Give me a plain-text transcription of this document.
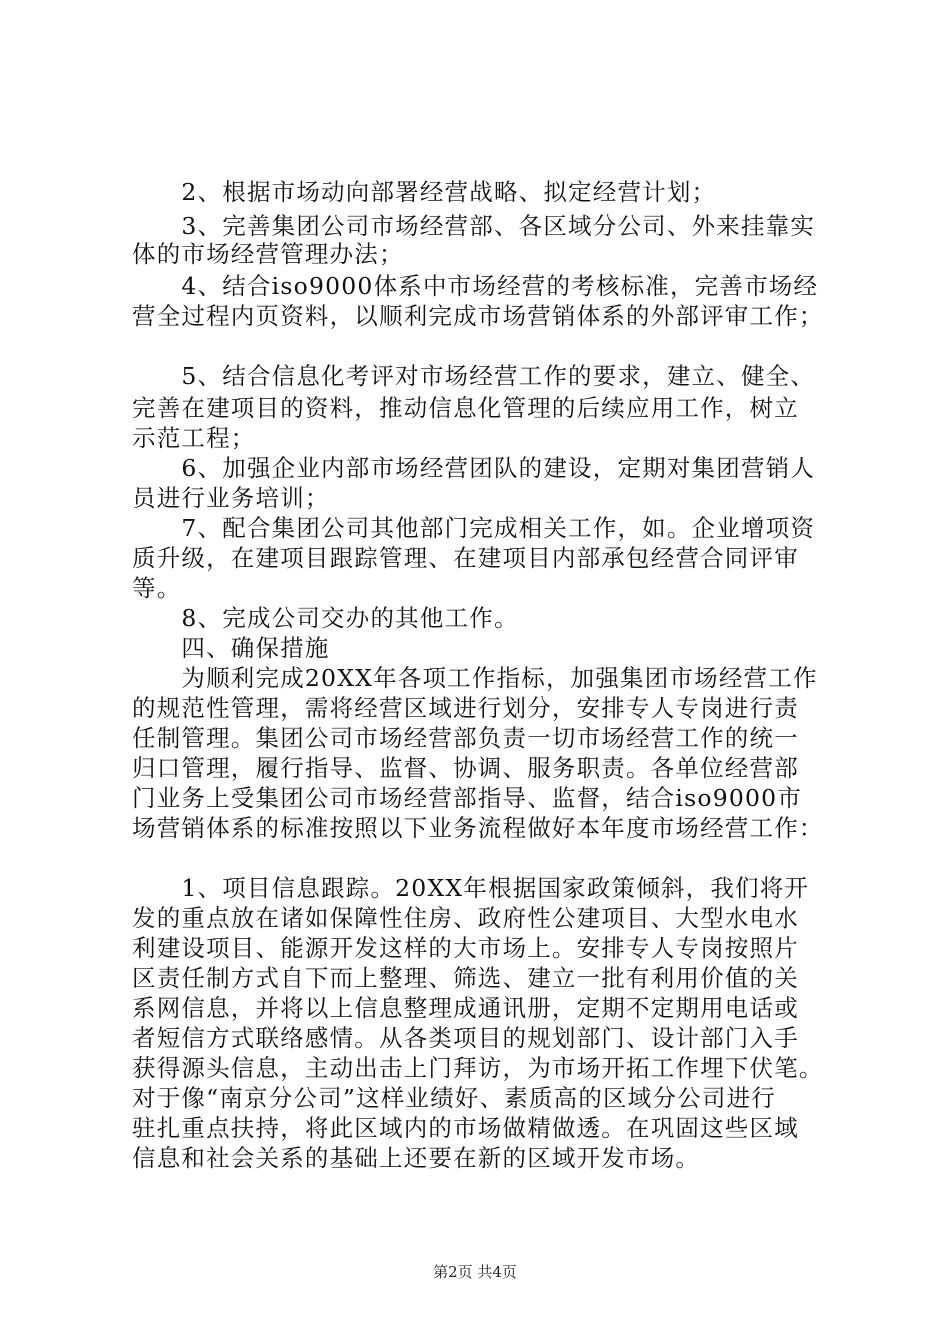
　　2、根据市场动向部署经营战略、拟定经营计划；
　　3、完善集团公司市场经营部、各区域分公司、外来挂靠实
体的市场经营管理办法；
　　4、结合iso9000体系中市场经营的考核标准，完善市场经
营全过程内页资料，以顺利完成市场营销体系的外部评审工作；
　　5、结合信息化考评对市场经营工作的要求，建立、健全、
完善在建项目的资料，推动信息化管理的后续应用工作，树立
示范工程；
　　6、加强企业内部市场经营团队的建设，定期对集团营销人
员进行业务培训；
　　7、配合集团公司其他部门完成相关工作，如。企业增项资
质升级，在建项目跟踪管理、在建项目内部承包经营合同评审
等。
　　8、完成公司交办的其他工作。
　　四、确保措施
　　为顺利完成20XX年各项工作指标，加强集团市场经营工作
的规范性管理，需将经营区域进行划分，安排专人专岗进行责
任制管理。集团公司市场经营部负责一切市场经营工作的统一
归口管理，履行指导、监督、协调、服务职责。各单位经营部
门业务上受集团公司市场经营部指导、监督，结合iso9000市
场营销体系的标准按照以下业务流程做好本年度市场经营工作：
　　1、项目信息跟踪。20XX年根据国家政策倾斜，我们将开
发的重点放在诸如保障性住房、政府性公建项目、大型水电水
利建设项目、能源开发这样的大市场上。安排专人专岗按照片
区责任制方式自下而上整理、筛选、建立一批有利用价值的关
系网信息，并将以上信息整理成通讯册，定期不定期用电话或
者短信方式联络感情。从各类项目的规划部门、设计部门入手
获得源头信息，主动出击上门拜访，为市场开拓工作埋下伏笔。
对于像“南京分公司”这样业绩好、素质高的区域分公司进行
驻扎重点扶持，将此区域内的市场做精做透。在巩固这些区域
信息和社会关系的基础上还要在新的区域开发市场。
第2页 共4页
